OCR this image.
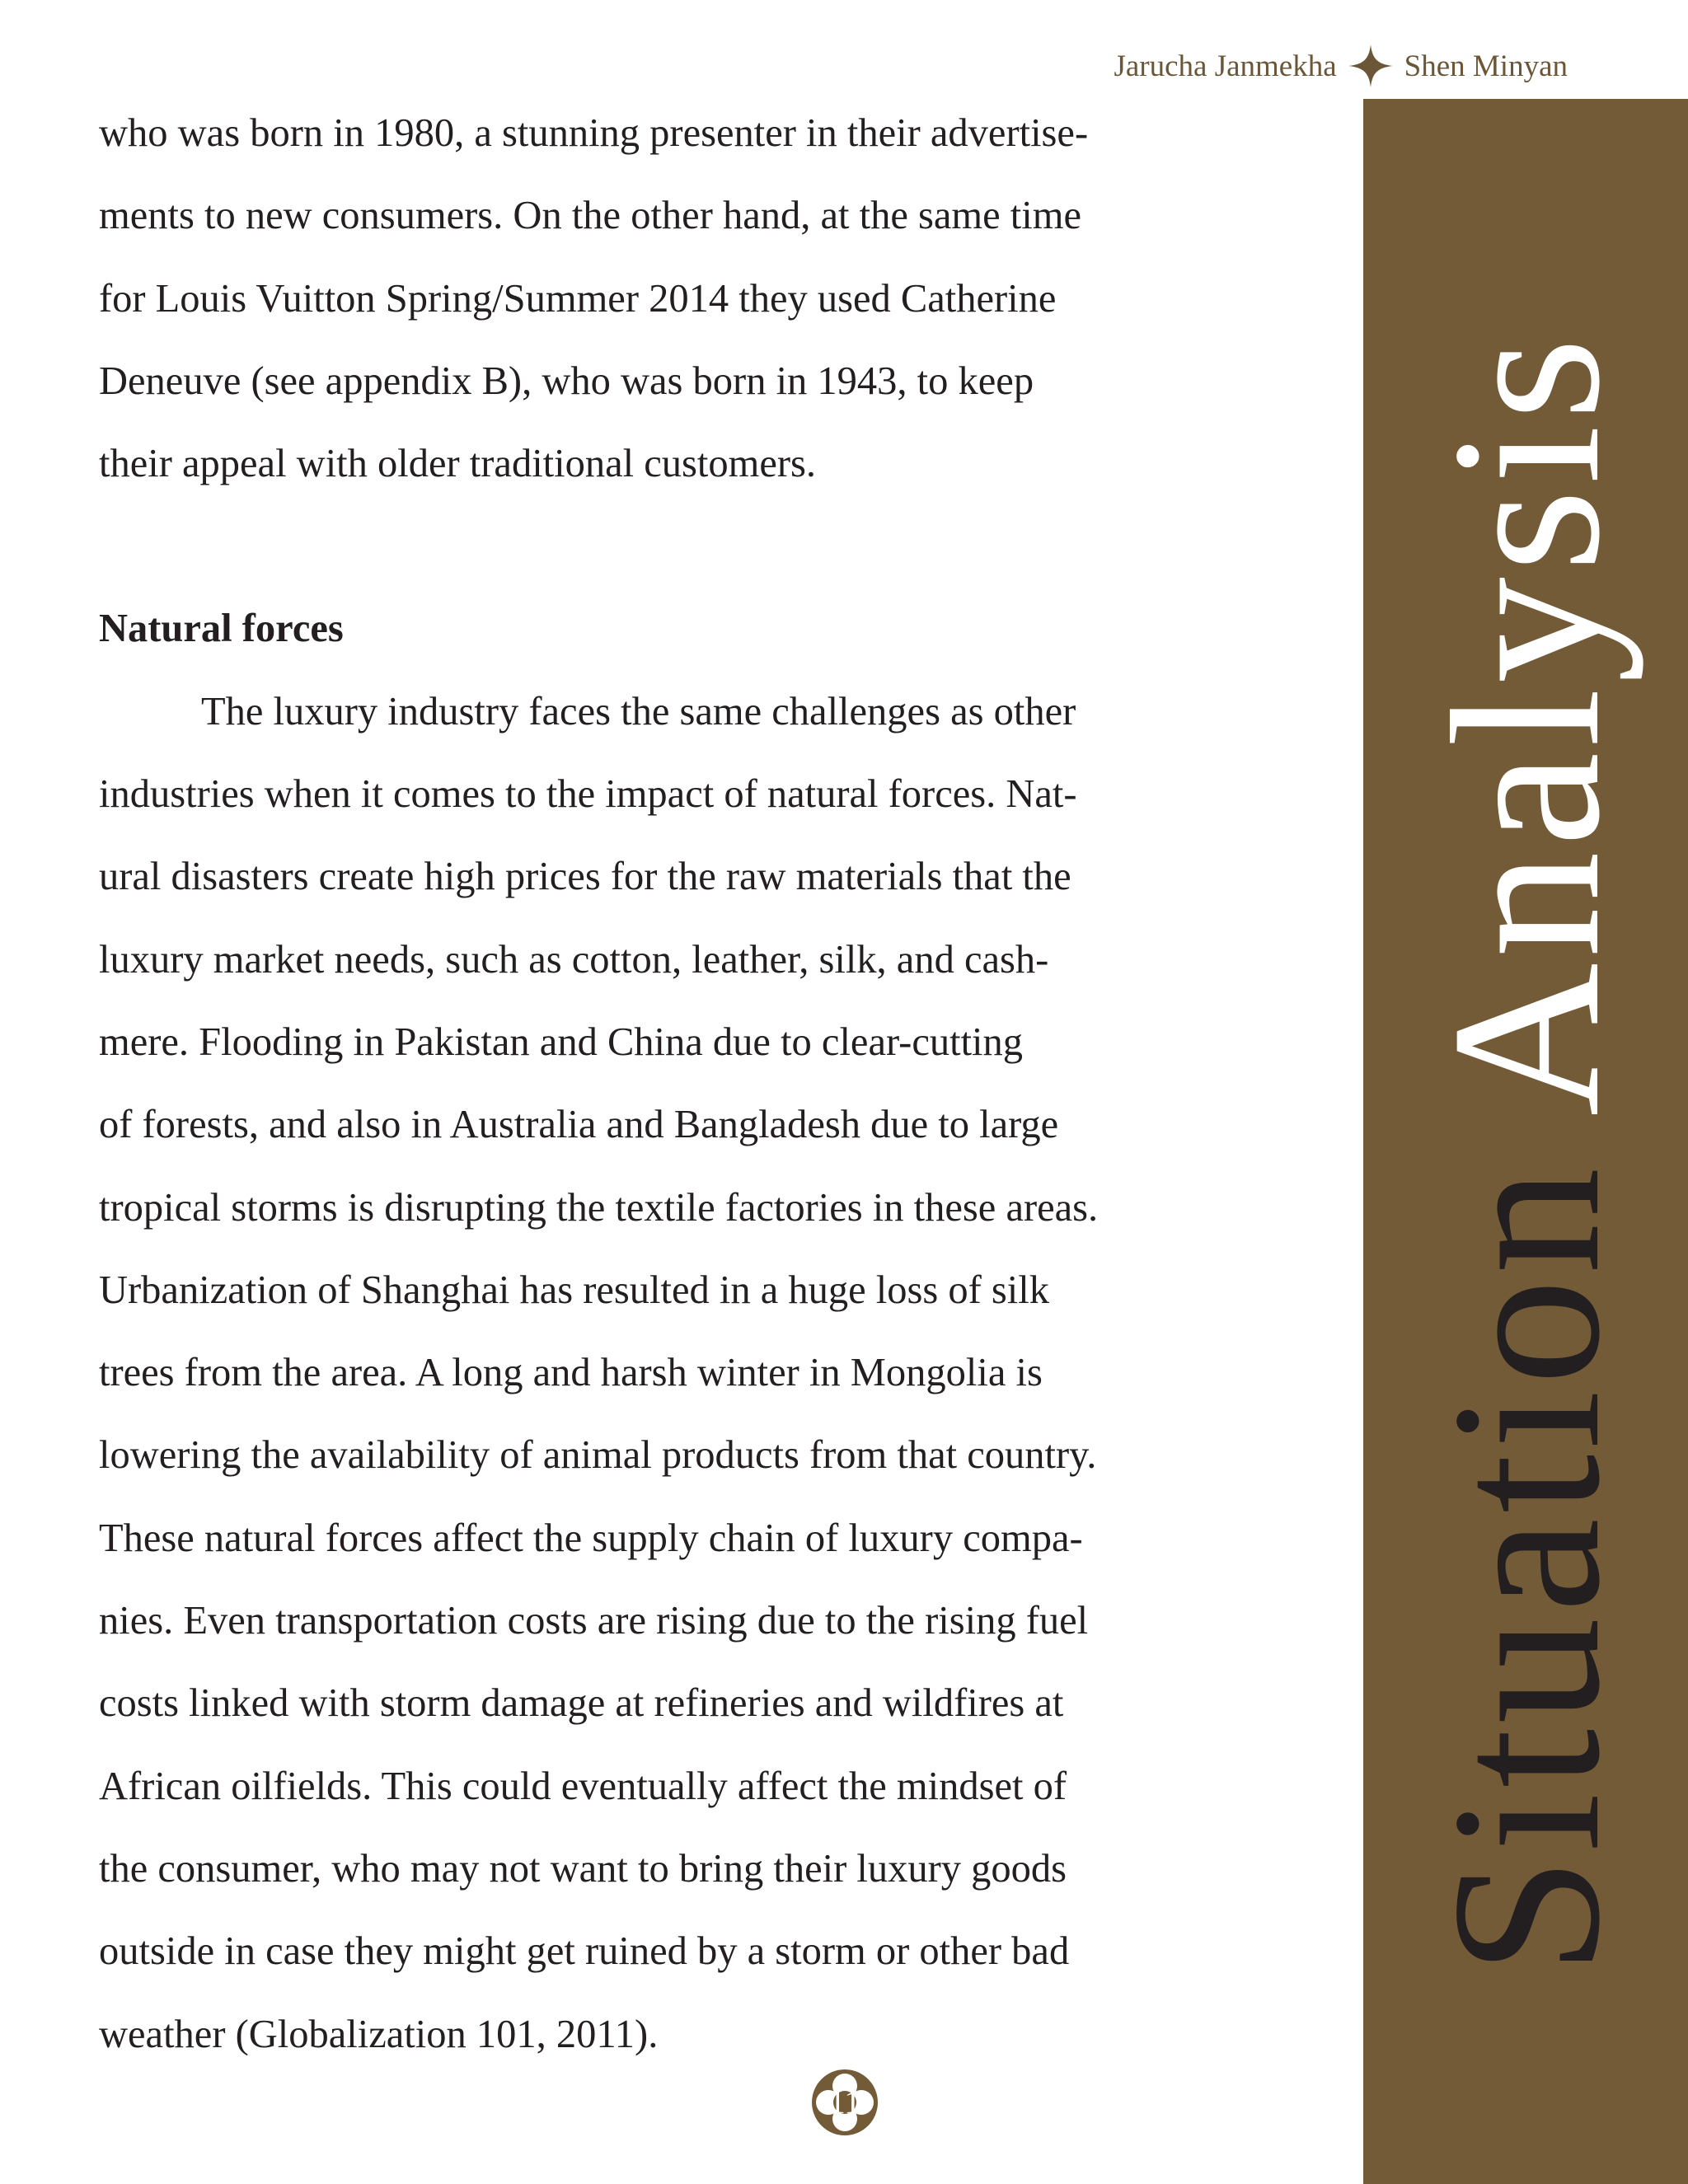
Jarucha Janmekha Shen Minyan
Situation Analysis
who was born in 1980, a stunning presenter in their advertise-
ments to new consumers. On the other hand, at the same time
for Louis Vuitton Spring/Summer 2014 they used Catherine
Deneuve (see appendix B), who was born in 1943, to keep
their appeal with older traditional customers.
Natural forces
The luxury industry faces the same challenges as other
industries when it comes to the impact of natural forces. Nat-
ural disasters create high prices for the raw materials that the
luxury market needs, such as cotton, leather, silk, and cash-
mere. Flooding in Pakistan and China due to clear-cutting
of forests, and also in Australia and Bangladesh due to large
tropical storms is disrupting the textile factories in these areas.
Urbanization of Shanghai has resulted in a huge loss of silk
trees from the area. A long and harsh winter in Mongolia is
lowering the availability of animal products from that country.
These natural forces affect the supply chain of luxury compa-
nies. Even transportation costs are rising due to the rising fuel
costs linked with storm damage at refineries and wildfires at
African oilfields. This could eventually affect the mindset of
the consumer, who may not want to bring their luxury goods
outside in case they might get ruined by a storm or other bad
weather (Globalization 101, 2011).
11
